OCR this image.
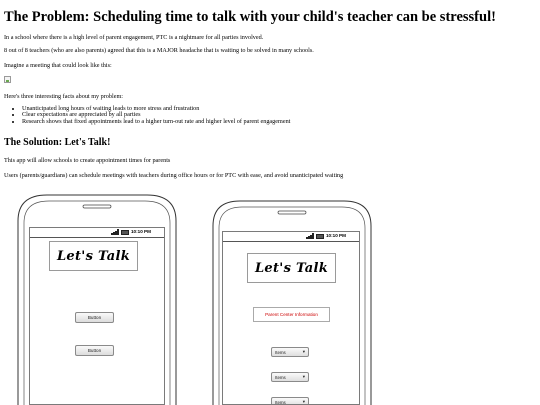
The Problem: Scheduling time to talk with your child's teacher can be stressful!
In a school where there is a high level of parent engagement, PTC is a nightmare for all parties involved.
8 out of 8 teachers (who are also parents) agreed that this is a MAJOR headache that is waiting to be solved in many schools.
Imagine a meeting that could look like this:
Here's three interesting facts about my problem:
• Unanticipated long hours of waiting leads to more stress and frustration
• Clear expectations are appreciated by all parties
• Research shows that fixed appointments lead to a higher turn-out rate and higher level of parent engagement
The Solution: Let's Talk!
This app will allow schools to create appointment times for parents
Users (parents/guardians) can schedule meetings with teachers during office hours or for PTC with ease, and avoid unanticipated waiting
10:10 PM
Let's Talk
Button
Button
10:10 PM
Let's Talk
Parent Center Information
Items	▾
Items	▾
Items	▾
